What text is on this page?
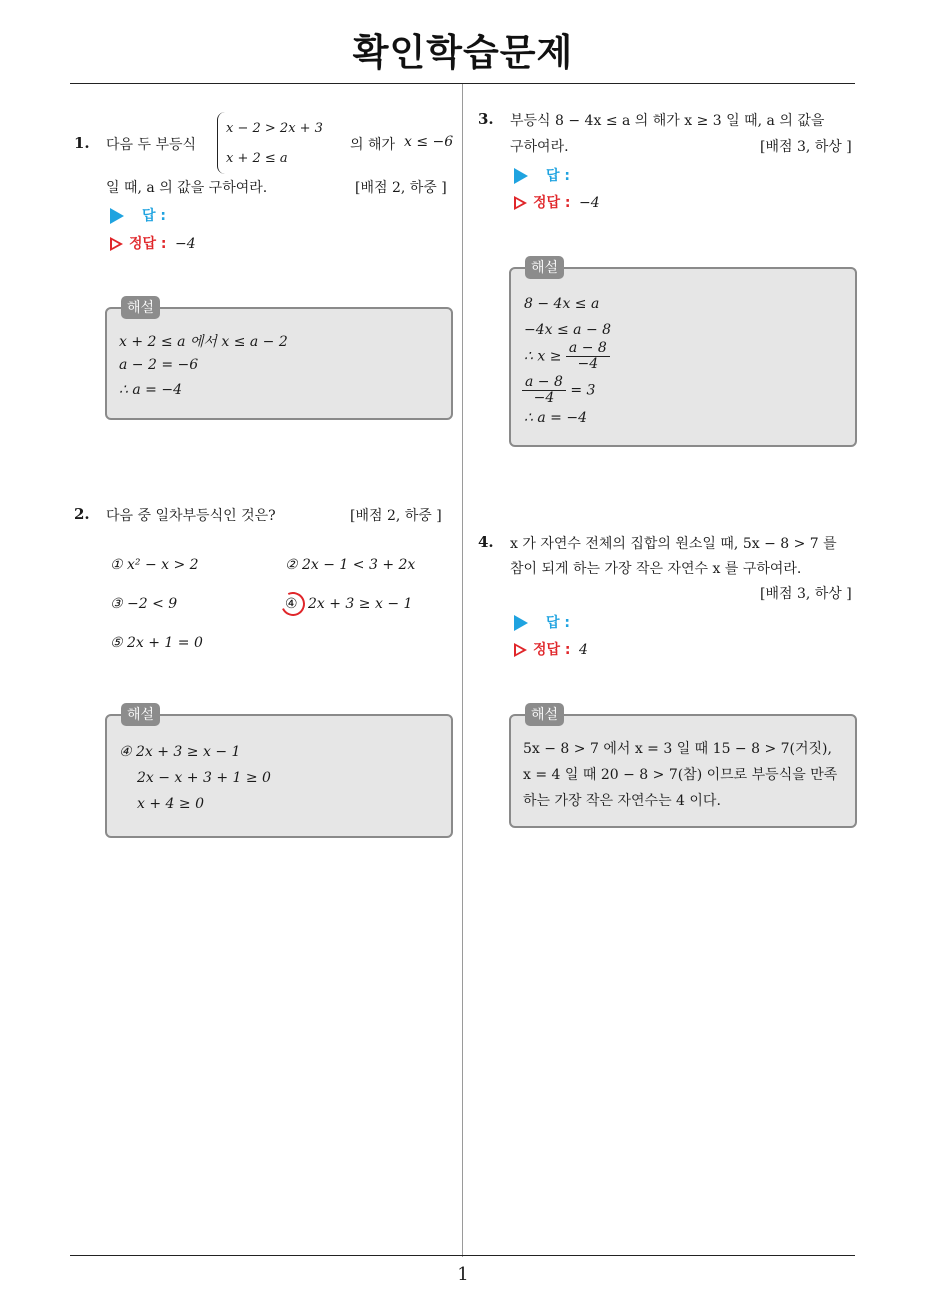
확인학습문제
1. 다음 두 부등식
x − 2 > 2x + 3
x + 2 ≤ a
의 해가 x ≤ −6
일 때, a 의 값을 구하여라.	[배점 2, 하중 ]
답 :
정답 : −4
해설
x + 2 ≤ a 에서 x ≤ a − 2
a − 2 = −6
∴ a = −4
2. 다음 중 일차부등식인 것은?	[배점 2, 하중 ]
① x² − x > 2	② 2x − 1 < 3 + 2x
③ −2 < 9	④ 2x + 3 ≥ x − 1
⑤ 2x + 1 = 0
해설
④ 2x + 3 ≥ x − 1
2x − x + 3 + 1 ≥ 0
x + 4 ≥ 0
3. 부등식 8 − 4x ≤ a 의 해가 x ≥ 3 일 때, a 의 값을
구하여라.	[배점 3, 하상 ]
답 :
정답 : −4
해설
8 − 4x ≤ a
−4x ≤ a − 8
∴ $x \ge \frac{a - 8}{-4}$
$\frac{a - 8}{-4} = 3$
∴ a = −4
4. x 가 자연수 전체의 집합의 원소일 때, 5x − 8 > 7 를
참이 되게 하는 가장 작은 자연수 x 를 구하여라.
[배점 3, 하상 ]
답 :
정답 : 4
해설
5x − 8 > 7 에서 x = 3 일 때 15 − 8 > 7(거짓),
x = 4 일 때 20 − 8 > 7(참) 이므로 부등식을 만족
하는 가장 작은 자연수는 4 이다.
1
